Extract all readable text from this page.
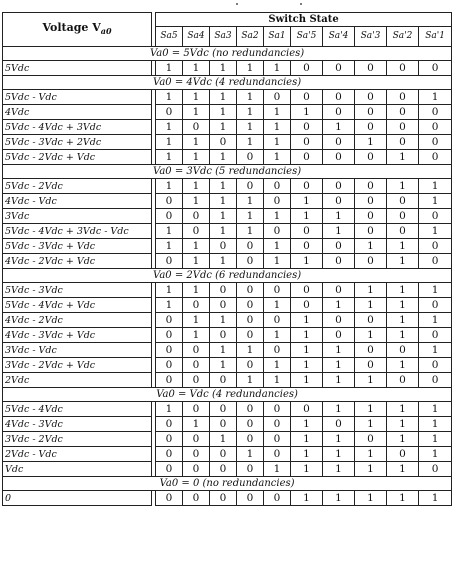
Voltage $V_{a0}$		Switch State									
		Sa5	Sa4	Sa3	Sa2	Sa1	Sa'5	Sa'4	Sa'3	Sa'2	Sa'1
Va0 = 5Vdc (no redundancies)											
5Vdc		1	1	1	1	1	0	0	0	0	0
Va0 = 4Vdc (4 redundancies)											
5Vdc - Vdc		1	1	1	1	0	0	0	0	0	1
4Vdc		0	1	1	1	1	1	0	0	0	0
5Vdc - 4Vdc + 3Vdc		1	0	1	1	1	0	1	0	0	0
5Vdc - 3Vdc + 2Vdc		1	1	0	1	1	0	0	1	0	0
5Vdc - 2Vdc + Vdc		1	1	1	0	1	0	0	0	1	0
Va0 = 3Vdc (5 redundancies)											
5Vdc - 2Vdc		1	1	1	0	0	0	0	0	1	1
4Vdc - Vdc		0	1	1	1	0	1	0	0	0	1
3Vdc		0	0	1	1	1	1	1	0	0	0
5Vdc - 4Vdc + 3Vdc - Vdc		1	0	1	1	0	0	1	0	0	1
5Vdc - 3Vdc + Vdc		1	1	0	0	1	0	0	1	1	0
4Vdc - 2Vdc + Vdc		0	1	1	0	1	1	0	0	1	0
Va0 = 2Vdc (6 redundancies)											
5Vdc - 3Vdc		1	1	0	0	0	0	0	1	1	1
5Vdc - 4Vdc + Vdc		1	0	0	0	1	0	1	1	1	0
4Vdc - 2Vdc		0	1	1	0	0	1	0	0	1	1
4Vdc - 3Vdc + Vdc		0	1	0	0	1	1	0	1	1	0
3Vdc - Vdc		0	0	1	1	0	1	1	0	0	1
3Vdc - 2Vdc + Vdc		0	0	1	0	1	1	1	0	1	0
2Vdc		0	0	0	1	1	1	1	1	0	0
Va0 = Vdc (4 redundancies)											
5Vdc - 4Vdc		1	0	0	0	0	0	1	1	1	1
4Vdc - 3Vdc		0	1	0	0	0	1	0	1	1	1
3Vdc - 2Vdc		0	0	1	0	0	1	1	0	1	1
2Vdc - Vdc		0	0	0	1	0	1	1	1	0	1
Vdc		0	0	0	0	1	1	1	1	1	0
Va0 = 0 (no redundancies)											
0		0	0	0	0	0	1	1	1	1	1
